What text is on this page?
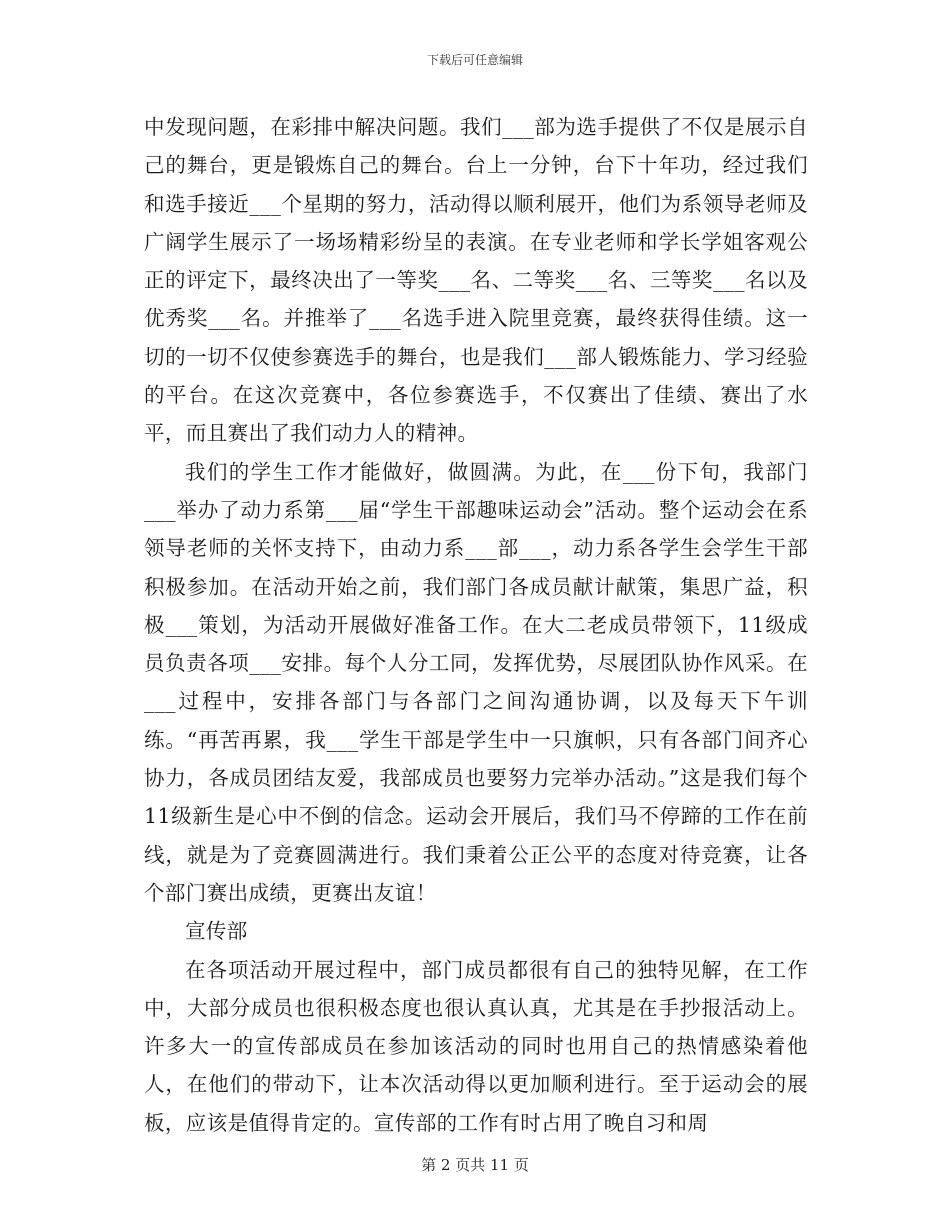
下载后可任意编辑

中发现问题，在彩排中解决问题。我们___部为选手提供了不仅是展示自己的舞台，更是锻炼自己的舞台。台上一分钟，台下十年功，经过我们和选手接近___个星期的努力，活动得以顺利展开，他们为系领导老师及广阔学生展示了一场场精彩纷呈的表演。在专业老师和学长学姐客观公正的评定下，最终决出了一等奖___名、二等奖___名、三等奖___名以及优秀奖___名。并推举了___名选手进入院里竞赛，最终获得佳绩。这一切的一切不仅使参赛选手的舞台，也是我们___部人锻炼能力、学习经验的平台。在这次竞赛中，各位参赛选手，不仅赛出了佳绩、赛出了水平，而且赛出了我们动力人的精神。

我们的学生工作才能做好，做圆满。为此，在___份下旬，我部门___举办了动力系第___届“学生干部趣味运动会”活动。整个运动会在系领导老师的关怀支持下，由动力系___部___，动力系各学生会学生干部积极参加。在活动开始之前，我们部门各成员献计献策，集思广益，积极___策划，为活动开展做好准备工作。在大二老成员带领下，11级成员负责各项___安排。每个人分工同，发挥优势，尽展团队协作风采。在___过程中，安排各部门与各部门之间沟通协调，以及每天下午训练。“再苦再累，我___学生干部是学生中一只旗帜，只有各部门间齐心协力，各成员团结友爱，我部成员也要努力完举办活动。”这是我们每个11级新生是心中不倒的信念。运动会开展后，我们马不停蹄的工作在前线，就是为了竞赛圆满进行。我们秉着公正公平的态度对待竞赛，让各个部门赛出成绩，更赛出友谊！

宣传部

在各项活动开展过程中，部门成员都很有自己的独特见解，在工作中，大部分成员也很积极态度也很认真认真，尤其是在手抄报活动上。许多大一的宣传部成员在参加该活动的同时也用自己的热情感染着他人，在他们的带动下，让本次活动得以更加顺利进行。至于运动会的展板，应该是值得肯定的。宣传部的工作有时占用了晚自习和周

第 2 页共 11 页
